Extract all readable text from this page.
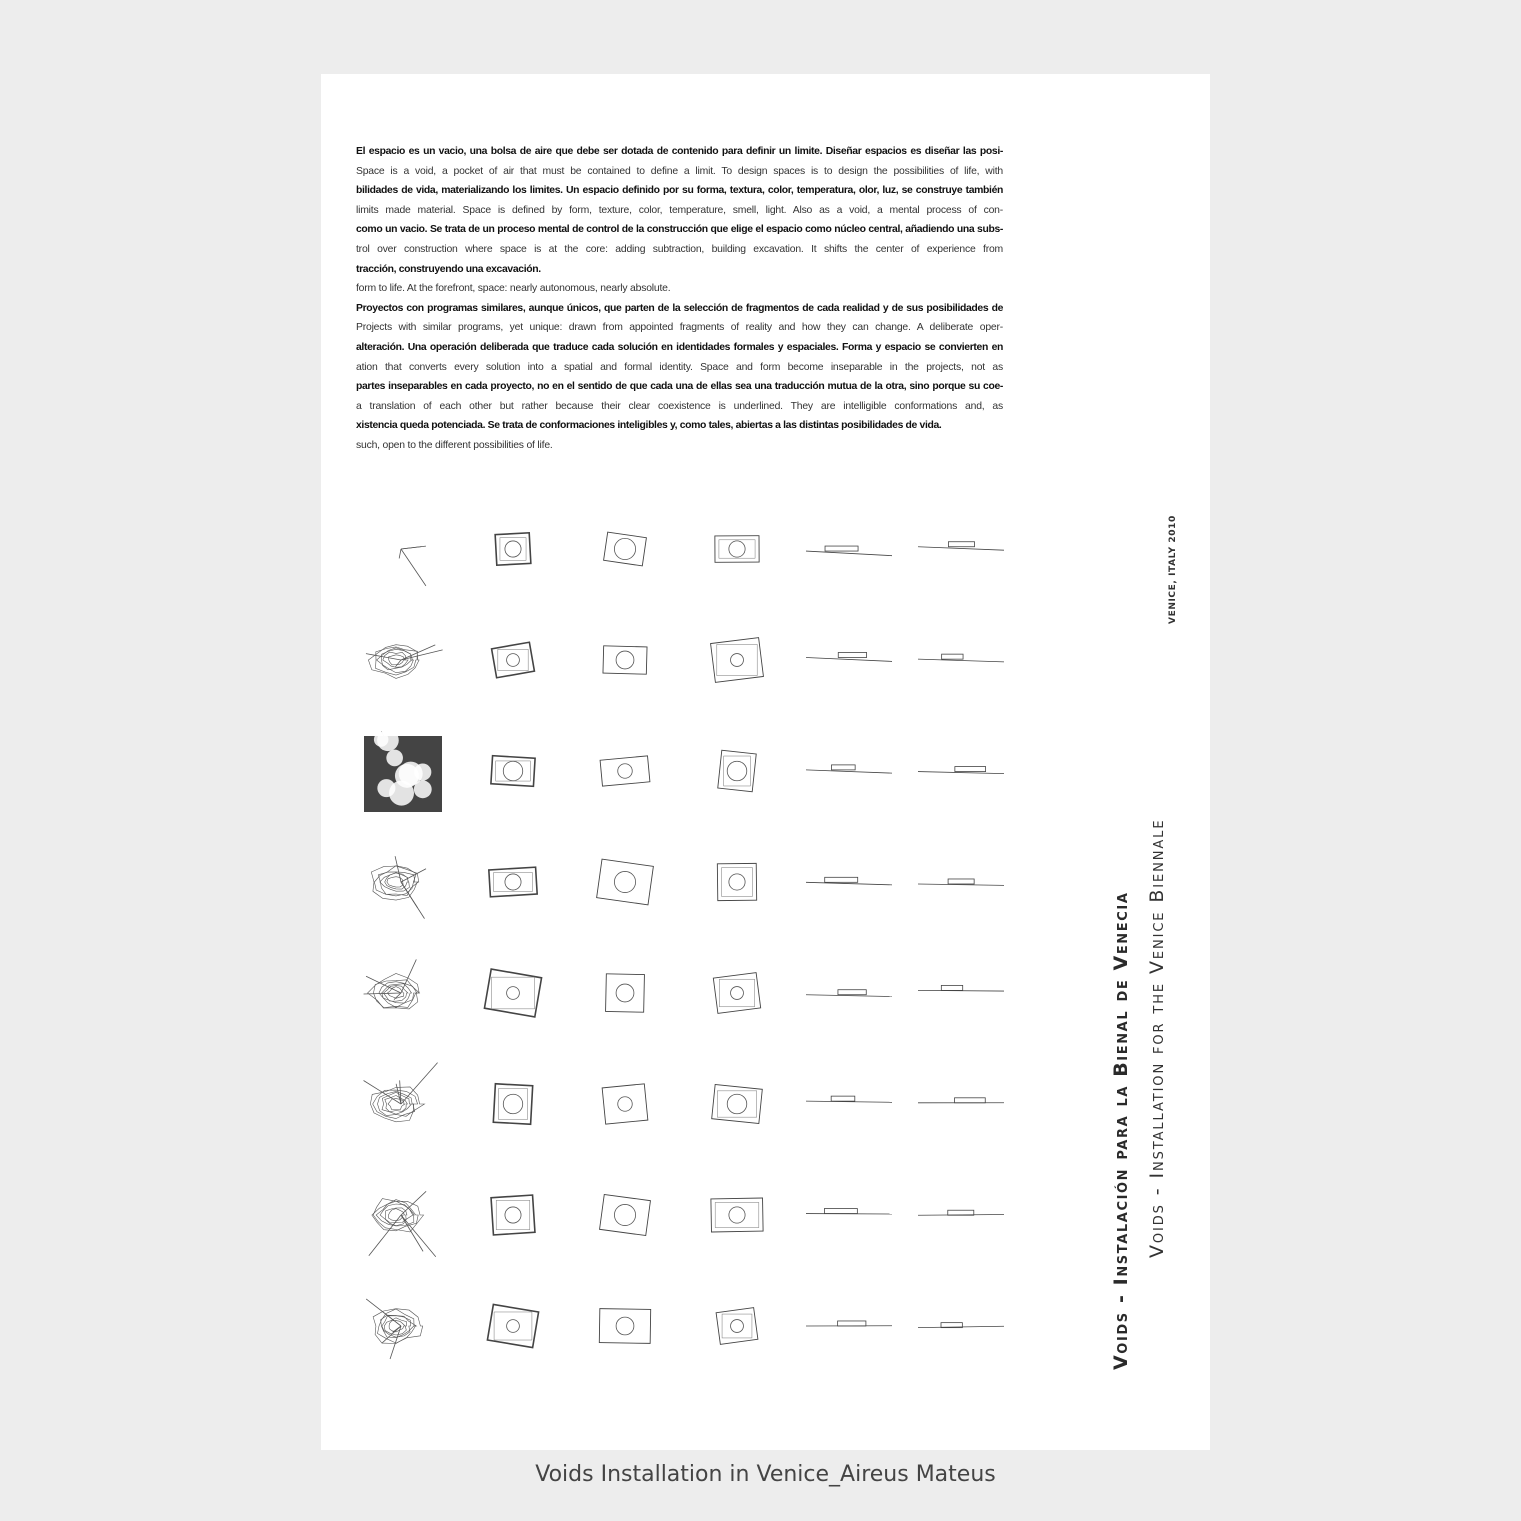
El espacio es un vacio, una bolsa de aire que debe ser dotada de contenido para definir un limite. Diseñar espacios es diseñar las posi-
Space is a void, a pocket of air that must be contained to define a limit. To design spaces is to design the possibilities of life, with
bilidades de vida, materializando los limites. Un espacio definido por su forma, textura, color, temperatura, olor, luz, se construye también
limits made material. Space is defined by form, texture, color, temperature, smell, light. Also as a void, a mental process of con-
como un vacio. Se trata de un proceso mental de control de la construcción que elige el espacio como núcleo central, añadiendo una subs-
trol over construction where space is at the core: adding subtraction, building excavation. It shifts the center of experience from
tracción, construyendo una excavación.
form to life. At the forefront, space: nearly autonomous, nearly absolute.
Proyectos con programas similares, aunque únicos, que parten de la selección de fragmentos de cada realidad y de sus posibilidades de
Projects with similar programs, yet unique: drawn from appointed fragments of reality and how they can change. A deliberate oper-
alteración. Una operación deliberada que traduce cada solución en identidades formales y espaciales. Forma y espacio se convierten en
ation that converts every solution into a spatial and formal identity. Space and form become inseparable in the projects, not as
partes inseparables en cada proyecto, no en el sentido de que cada una de ellas sea una traducción mutua de la otra, sino porque su coe-
a translation of each other but rather because their clear coexistence is underlined. They are intelligible conformations and, as
xistencia queda potenciada. Se trata de conformaciones inteligibles y, como tales, abiertas a las distintas posibilidades de vida.
such, open to the different possibilities of life.
Voids - Instalación para la Bienal de Venecia Voids - Installation for the Venice Biennale
VENICE, ITALY 2010
Voids Installation in Venice_Aireus Mateus
